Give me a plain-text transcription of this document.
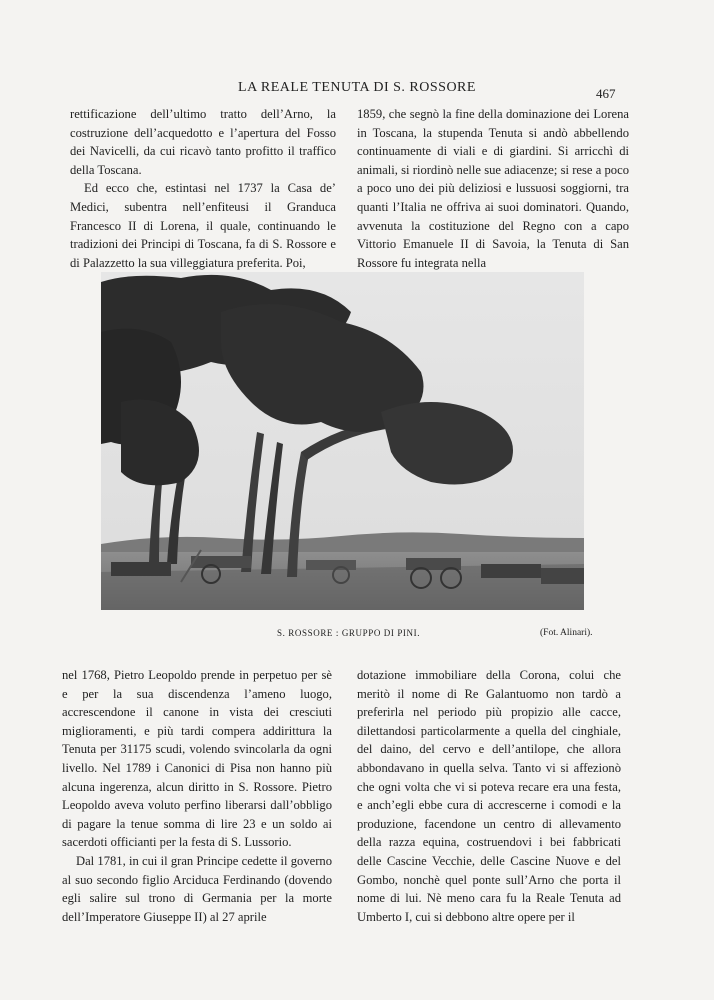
LA REALE TENUTA DI S. ROSSORE	467

rettificazione dell’ultimo tratto dell’Arno, la costruzione dell’acquedotto e l’apertura del Fosso dei Navicelli, da cui ricavò tanto profitto il traffico della Toscana.

Ed ecco che, estintasi nel 1737 la Casa de’ Medici, subentra nell’enfiteusi il Granduca Francesco II di Lorena, il quale, continuando le tradizioni dei Principi di Toscana, fa di S. Rossore e di Palazzetto la sua villeggiatura preferita. Poi,

1859, che segnò la fine della dominazione dei Lorena in Toscana, la stupenda Tenuta si andò abbellendo continuamente di viali e di giardini. Si arricchì di animali, si riordinò nelle sue adiacenze; si rese a poco a poco uno dei più deliziosi e lussuosi soggiorni, tra quanti l’Italia ne offriva ai suoi dominatori. Quando, avvenuta la costituzione del Regno con a capo Vittorio Emanuele II di Savoia, la Tenuta di San Rossore fu integrata nella

S. ROSSORE : GRUPPO DI PINI.	(Fot. Alinari).

nel 1768, Pietro Leopoldo prende in perpetuo per sè e per la sua discendenza l’ameno luogo, accrescendone il canone in vista dei cresciuti miglioramenti, e più tardi compera addirittura la Tenuta per 31175 scudi, volendo svincolarla da ogni livello. Nel 1789 i Canonici di Pisa non hanno più alcuna ingerenza, alcun diritto in S. Rossore. Pietro Leopoldo aveva voluto perfino liberarsi dall’obbligo di pagare la tenue somma di lire 23 e un soldo ai sacerdoti officianti per la festa di S. Lussorio.

Dal 1781, in cui il gran Principe cedette il governo al suo secondo figlio Arciduca Ferdinando (dovendo egli salire sul trono di Germania per la morte dell’Imperatore Giuseppe II) al 27 aprile

dotazione immobiliare della Corona, colui che meritò il nome di Re Galantuomo non tardò a preferirla nel periodo più propizio alle cacce, dilettandosi particolarmente a quella del cinghiale, del daino, del cervo e dell’antilope, che allora abbondavano in quella selva. Tanto vi si affezionò che ogni volta che vi si poteva recare era una festa, e anch’egli ebbe cura di accrescerne i comodi e la produzione, facendone un centro di allevamento della razza equina, costruendovi i bei fabbricati delle Cascine Vecchie, delle Cascine Nuove e del Gombo, nonchè quel ponte sull’Arno che porta il nome di lui. Nè meno cara fu la Reale Tenuta ad Umberto I, cui si debbono altre opere per il
